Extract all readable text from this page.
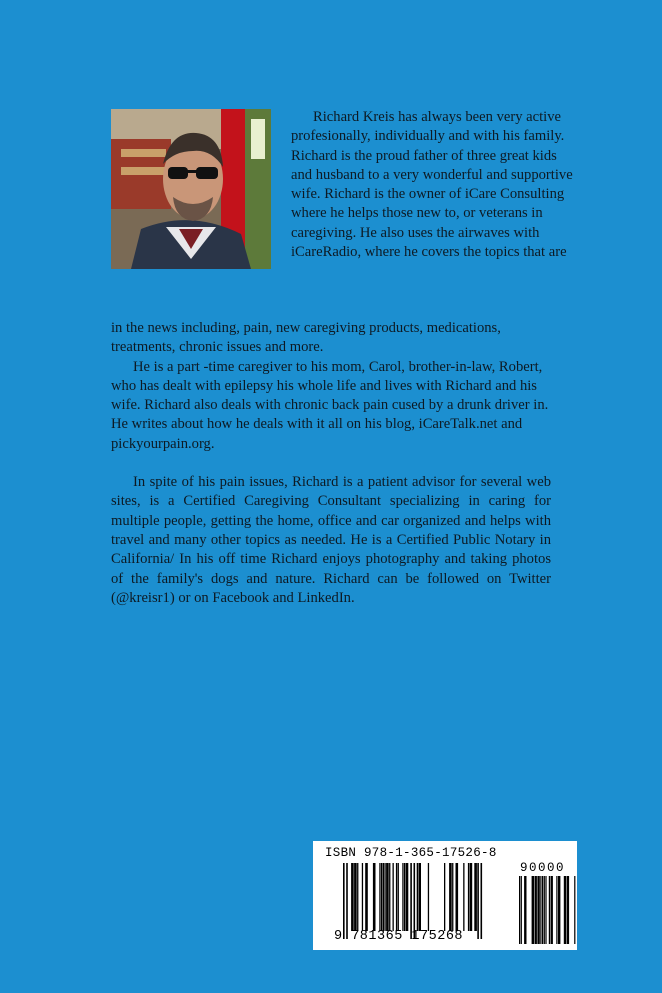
Richard Kreis has always been very active profesionally, individually and with his family. Richard is the proud father of three great kids and husband to a very wonderful and supportive wife. Richard is the owner of iCare Consulting where he helps those new to, or veterans in caregiving. He also uses the airwaves with iCareRadio, where he covers the topics that are

in the news including, pain, new caregiving products, medications, treatments, chronic issues and more.

He is a part -time caregiver to his mom, Carol, brother-in-law, Robert, who has dealt with epilepsy his whole life and lives with Richard and his wife. Richard also deals with chronic back pain cused by a drunk driver in. He writes about how he deals with it all on his blog, iCareTalk.net and pickyourpain.org.

In spite of his pain issues, Richard is a patient advisor for several web sites, is a Certified Caregiving Consultant specializing in caring for multiple people, getting the home, office and car organized and helps with travel and many other topics as needed. He is a Certified Public Notary in California/ In his off time Richard enjoys photography and taking photos of the family's dogs and nature. Richard can be followed on Twitter (@kreisr1) or on Facebook and LinkedIn.

ISBN 978-1-365-17526-8
90000
9 781365 175268
